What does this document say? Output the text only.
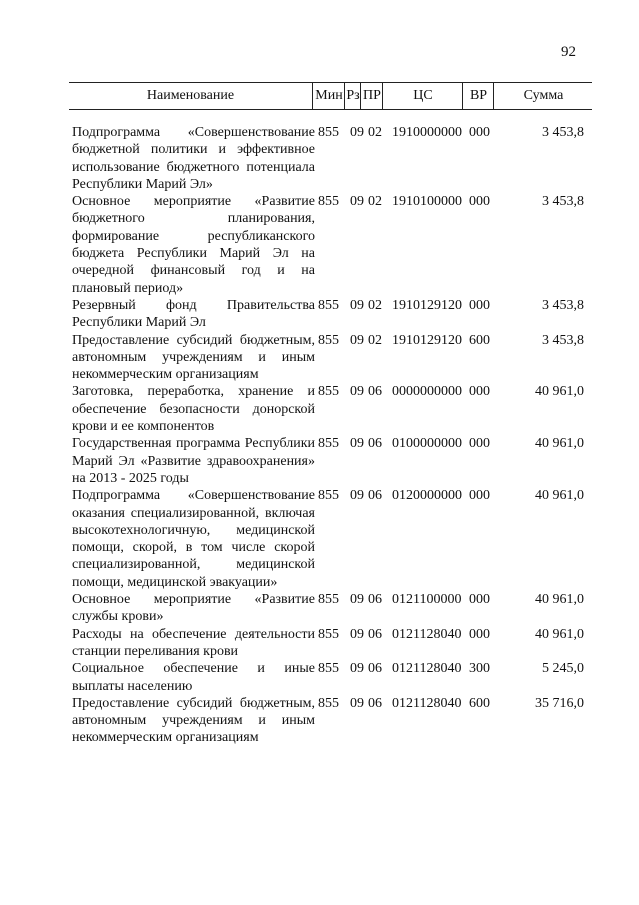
92
Наименование	Мин Рз ПР	ЦС	ВР	Сумма
Подпрограмма «Совершенствование бюджетной политики и эффективное использование бюджетного потенциала Республики Марий Эл»
855 09 02 1910000000 000	3 453,8
Основное мероприятие «Развитие бюджетного планирования, формирование республиканского бюджета Республики Марий Эл на очередной финансовый год и на плановый период»
855 09 02 1910100000 000	3 453,8
Резервный фонд Правительства Республики Марий Эл
855 09 02 1910129120 000	3 453,8
Предоставление субсидий бюджетным, автономным учреждениям и иным некоммерческим организациям
855 09 02 1910129120 600	3 453,8
Заготовка, переработка, хранение и обеспечение безопасности донорской крови и ее компонентов
855 09 06 0000000000 000	40 961,0
Государственная программа Республики Марий Эл «Развитие здравоохранения» на 2013 - 2025 годы
855 09 06 0100000000 000	40 961,0
Подпрограмма «Совершенствование оказания специализированной, включая высокотехнологичную, медицинской помощи, скорой, в том числе скорой специализированной, медицинской помощи, медицинской эвакуации»
855 09 06 0120000000 000	40 961,0
Основное мероприятие «Развитие службы крови»
855 09 06 0121100000 000	40 961,0
Расходы на обеспечение деятельности станции переливания крови
855 09 06 0121128040 000	40 961,0
Социальное обеспечение и иные выплаты населению
855 09 06 0121128040 300	5 245,0
Предоставление субсидий бюджетным, автономным учреждениям и иным некоммерческим организациям
855 09 06 0121128040 600	35 716,0
